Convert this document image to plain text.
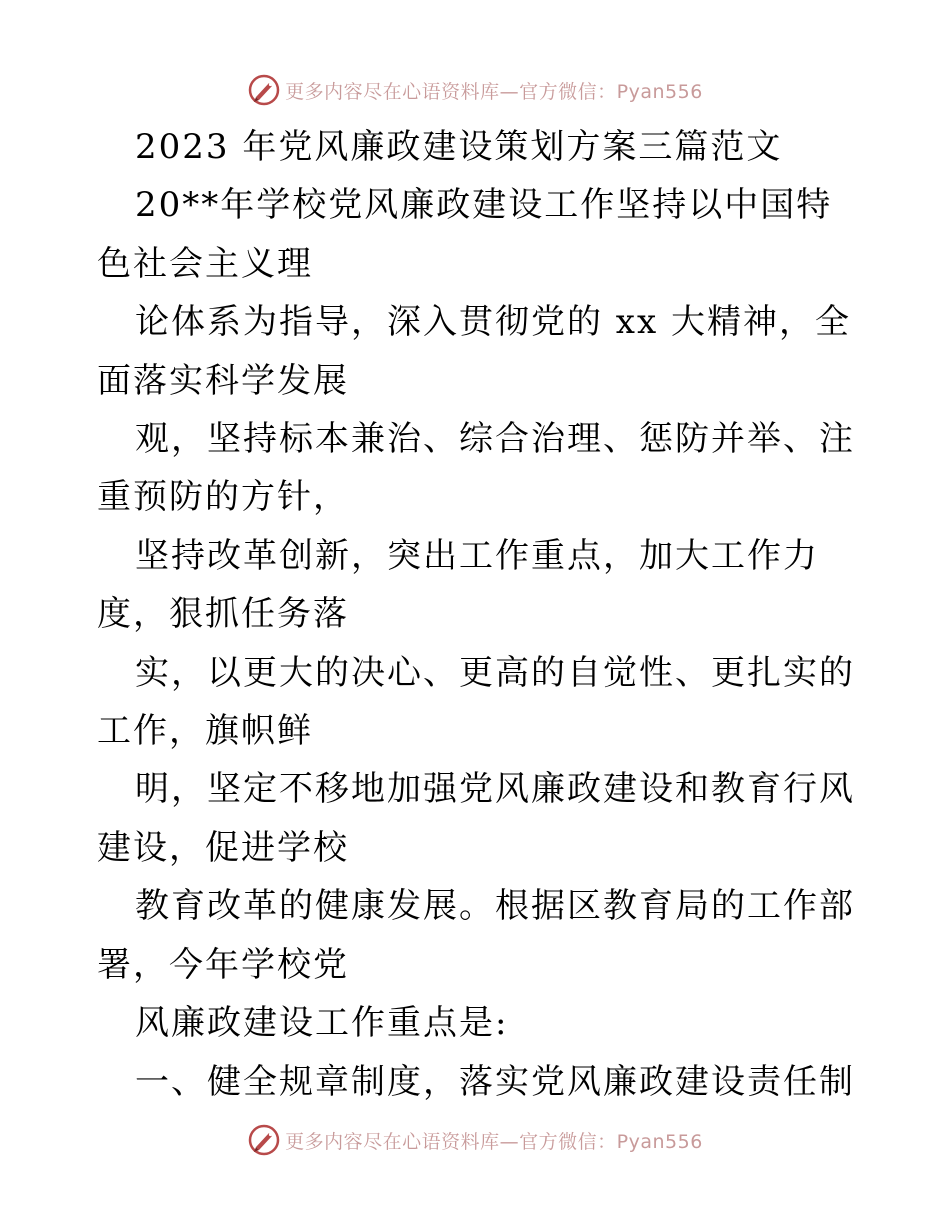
更多内容尽在心语资料库—官方微信：Pyan556

2023 年党风廉政建设策划方案三篇范文

20**年学校党风廉政建设工作坚持以中国特色社会主义理

论体系为指导，深入贯彻党的 xx 大精神，全面落实科学发展

观，坚持标本兼治、综合治理、惩防并举、注重预防的方针，

坚持改革创新，突出工作重点，加大工作力度，狠抓任务落

实，以更大的决心、更高的自觉性、更扎实的工作，旗帜鲜

明，坚定不移地加强党风廉政建设和教育行风建设，促进学校

教育改革的健康发展。根据区教育局的工作部署，今年学校党

风廉政建设工作重点是:

一、健全规章制度，落实党风廉政建设责任制

更多内容尽在心语资料库—官方微信：Pyan556
